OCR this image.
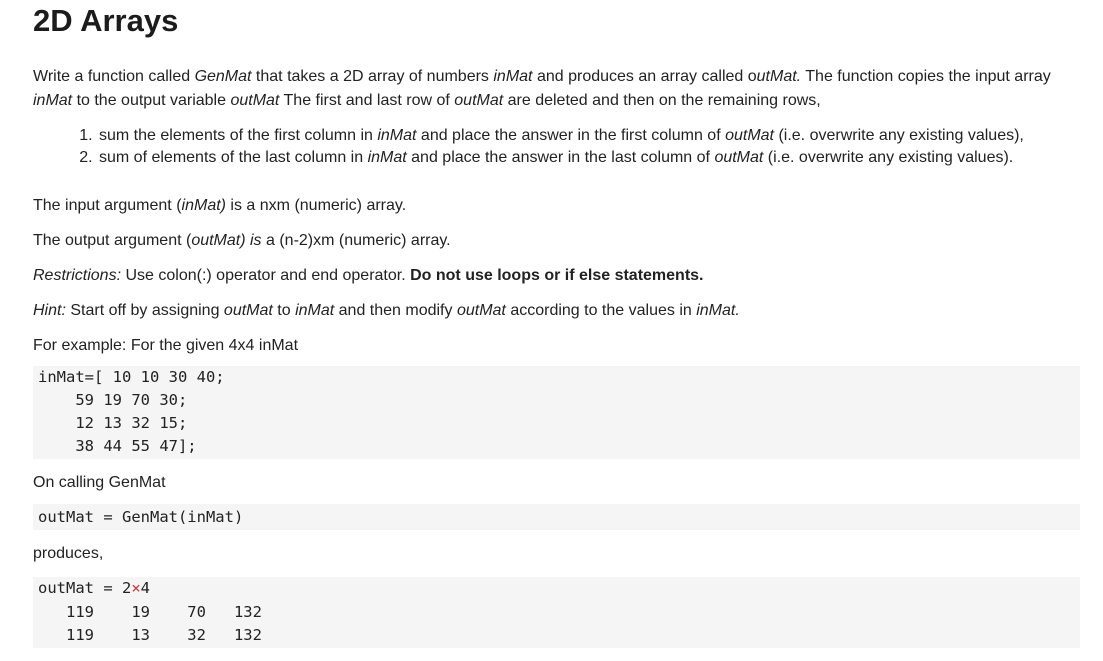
2D Arrays

Write a function called GenMat that takes a 2D array of numbers inMat and produces an array called outMat. The function copies the input array inMat to the output variable outMat The first and last row of outMat are deleted and then on the remaining rows,

1. sum the elements of the first column in inMat and place the answer in the first column of outMat (i.e. overwrite any existing values),
2. sum of elements of the last column in inMat and place the answer in the last column of outMat (i.e. overwrite any existing values).

The input argument (inMat) is a nxm (numeric) array.

The output argument (outMat) is a (n-2)xm (numeric) array.

Restrictions: Use colon(:) operator and end operator. Do not use loops or if else statements.

Hint: Start off by assigning outMat to inMat and then modify outMat according to the values in inMat.

For example: For the given 4x4 inMat

inMat=[ 10 10 30 40;
59 19 70 30;
12 13 32 15;
38 44 55 47];

On calling GenMat

outMat = GenMat(inMat)

produces,

outMat = 2×4
119    19    70   132
119    13    32   132
